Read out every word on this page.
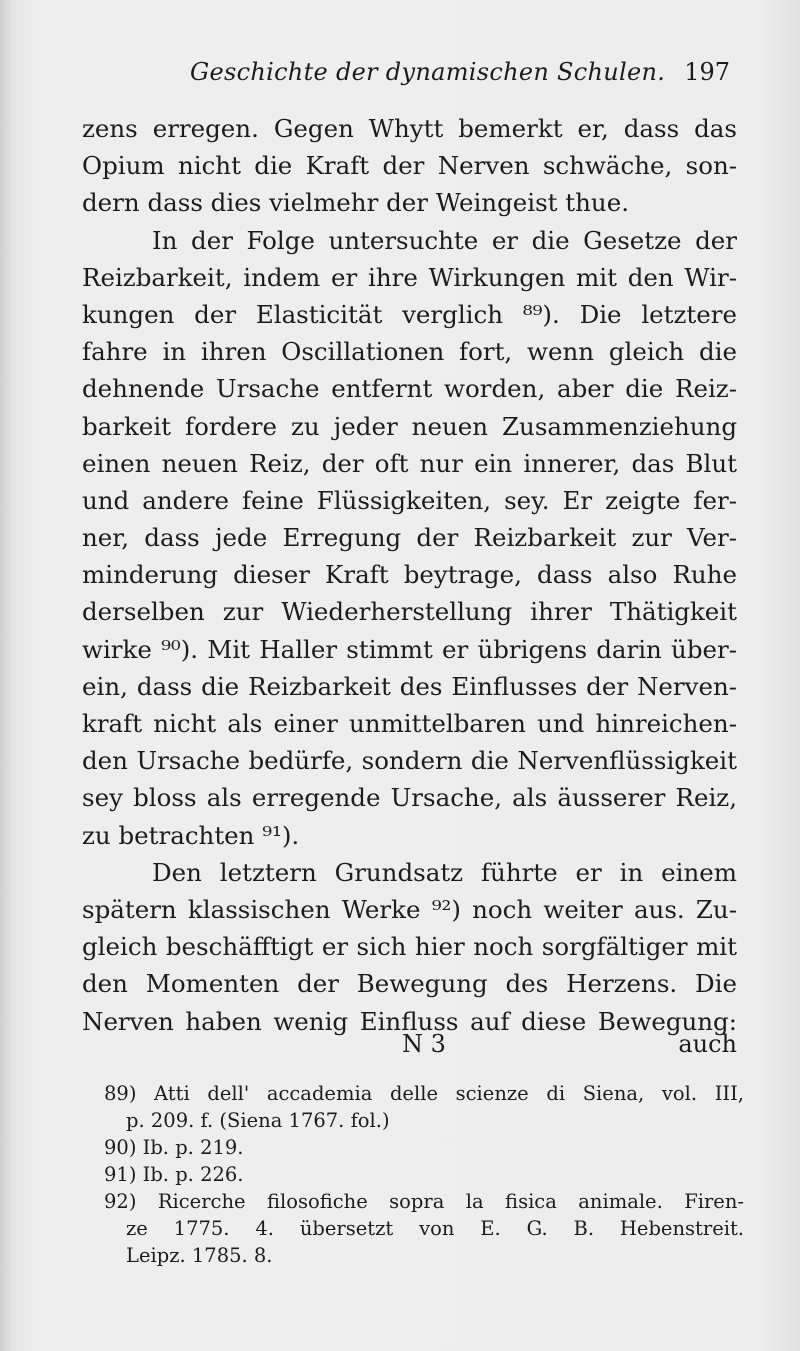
Geschichte der dynamischen Schulen. 197
zens erregen. Gegen Whytt bemerkt er, dass das
Opium nicht die Kraft der Nerven schwäche, son-
dern dass dies vielmehr der Weingeist thue.
In der Folge untersuchte er die Gesetze der
Reizbarkeit, indem er ihre Wirkungen mit den Wir-
kungen der Elasticität verglich ⁸⁹). Die letztere
fahre in ihren Oscillationen fort, wenn gleich die
dehnende Ursache entfernt worden, aber die Reiz-
barkeit fordere zu jeder neuen Zusammenziehung
einen neuen Reiz, der oft nur ein innerer, das Blut
und andere feine Flüssigkeiten, sey. Er zeigte fer-
ner, dass jede Erregung der Reizbarkeit zur Ver-
minderung dieser Kraft beytrage, dass also Ruhe
derselben zur Wiederherstellung ihrer Thätigkeit
wirke ⁹⁰). Mit Haller stimmt er übrigens darin über-
ein, dass die Reizbarkeit des Einflusses der Nerven-
kraft nicht als einer unmittelbaren und hinreichen-
den Ursache bedürfe, sondern die Nervenflüssigkeit
sey bloss als erregende Ursache, als äusserer Reiz,
zu betrachten ⁹¹).
Den letztern Grundsatz führte er in einem
spätern klassischen Werke ⁹²) noch weiter aus. Zu-
gleich beschäfftigt er sich hier noch sorgfältiger mit
den Momenten der Bewegung des Herzens. Die
Nerven haben wenig Einfluss auf diese Bewegung:
N 3	auch
89) Atti dell' accademia delle scienze di Siena, vol. III,
p. 209. f. (Siena 1767. fol.)
90) Ib. p. 219.
91) Ib. p. 226.
92) Ricerche filosofiche sopra la fisica animale. Firen-
ze 1775. 4. übersetzt von E. G. B. Hebenstreit.
Leipz. 1785. 8.
